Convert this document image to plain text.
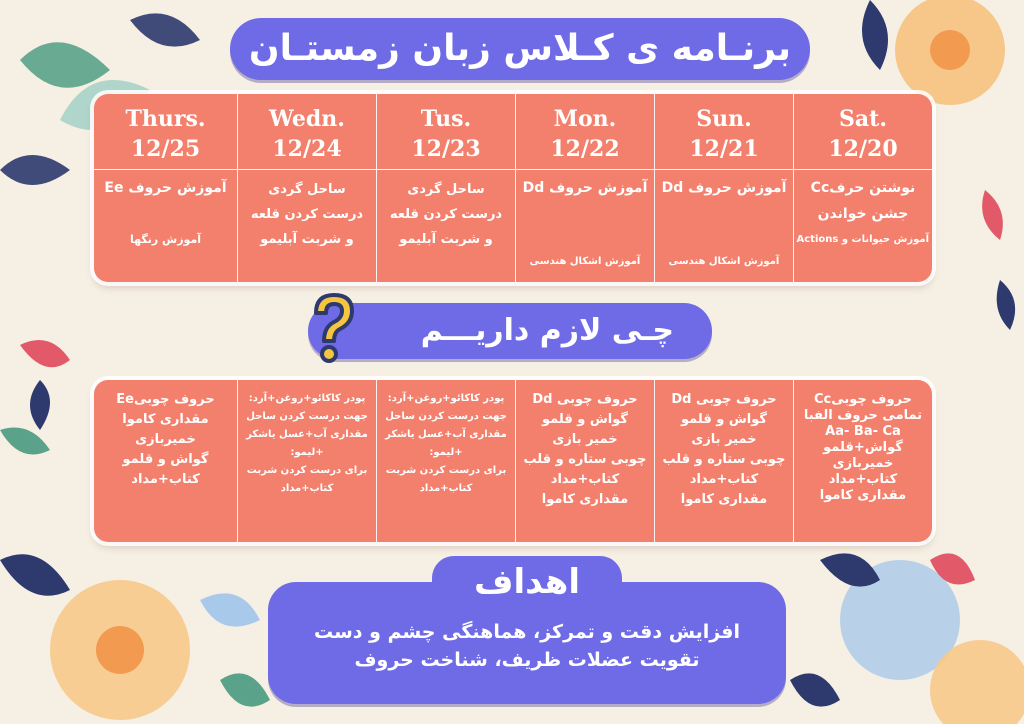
برنـامه ی کـلاس زبان زمستـان
Sat.
12/20
نوشتن حرفCc
جشن خواندن
آموزش حیوانات و Actions
Sun.
12/21
آموزش حروف Dd
آموزش اشکال هندسی
Mon.
12/22
آموزش حروف Dd
آموزش اشکال هندسی
Tus.
12/23
ساحل گردی
درست کردن قلعه
و شربت آبلیمو
Wedn.
12/24
ساحل گردی
درست کردن قلعه
و شربت آبلیمو
Thurs.
12/25
آموزش حروف Ee
آموزش رنگها
چـی لازم داریـــم
حروف چوبیCc
تمامی حروف الفبا
Aa- Ba- Ca
گواش+قلمو
خمیربازی
کتاب+مداد
مقداری کاموا
حروف چوبی Dd
گواش و قلمو
خمیر بازی
چوبی ستاره و قلب
کتاب+مداد
مقداری کاموا
حروف چوبی Dd
گواش و قلمو
خمیر بازی
چوبی ستاره و قلب
کتاب+مداد
مقداری کاموا
پودر کاکائو+روغن+آرد:
جهت درست کردن ساحل
مقداری آب+عسل یاشکر
+لیمو:
برای درست کردن شربت
کتاب+مداد
پودر کاکائو+روغن+آرد:
جهت درست کردن ساحل
مقداری آب+عسل یاشکر
+لیمو:
برای درست کردن شربت
کتاب+مداد
حروف چوبیEe
مقداری کاموا
خمیربازی
گواش و قلمو
کتاب+مداد
اهداف
افزایش دقت و تمرکز، هماهنگی چشم و دست
تقویت عضلات ظریف، شناخت حروف
